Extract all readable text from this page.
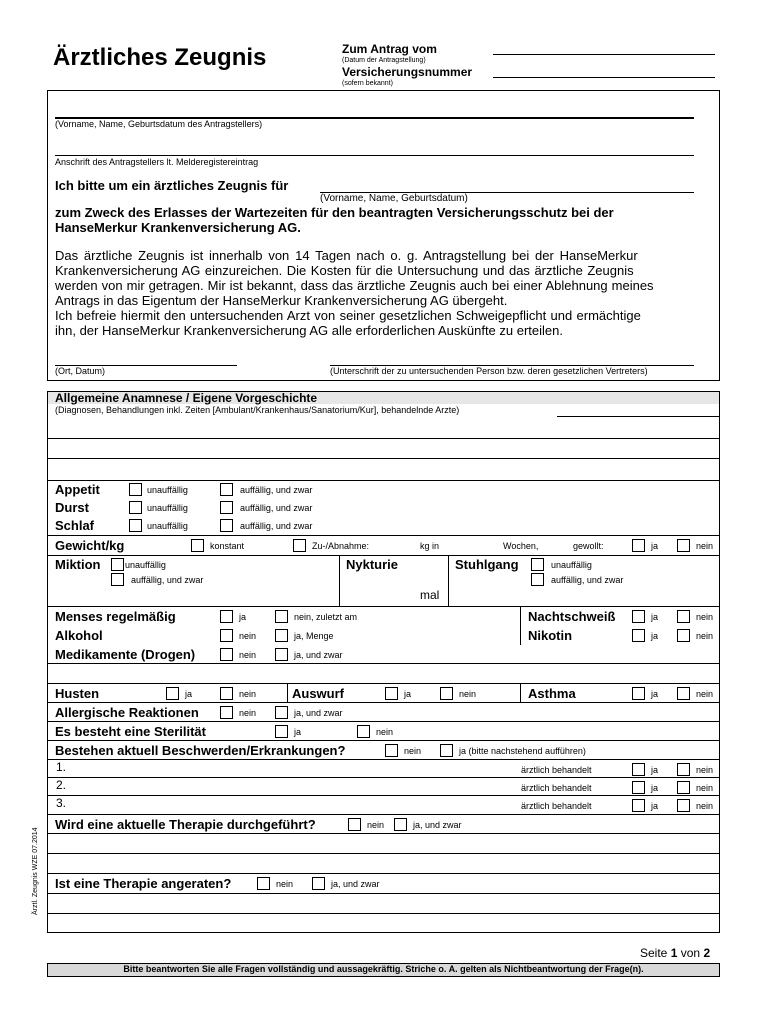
Ärztliches Zeugnis	Zum Antrag vom
(Datum der Antragstellung)
Versicherungsnummer
(sofern bekannt)
(Vorname, Name, Geburtsdatum des Antragstellers)
Anschrift des Antragstellers lt. Melderegistereintrag
Ich bitte um ein ärztliches Zeugnis für
(Vorname, Name, Geburtsdatum)
zum Zweck des Erlasses der Wartezeiten für den beantragten Versicherungsschutz bei der
HanseMerkur Krankenversicherung AG.
Das ärztliche Zeugnis ist innerhalb von 14 Tagen nach o. g. Antragstellung bei der HanseMerkur
Krankenversicherung AG einzureichen. Die Kosten für die Untersuchung und das ärztliche Zeugnis
werden von mir getragen. Mir ist bekannt, dass das ärztliche Zeugnis auch bei einer Ablehnung meines
Antrags in das Eigentum der HanseMerkur Krankenversicherung AG übergeht.
Ich befreie hiermit den untersuchenden Arzt von seiner gesetzlichen Schweigepflicht und ermächtige
ihn, der HanseMerkur Krankenversicherung AG alle erforderlichen Auskünfte zu erteilen.
(Ort, Datum)	(Unterschrift der zu untersuchenden Person bzw. deren gesetzlichen Vertreters)
Allgemeine Anamnese / Eigene Vorgeschichte
(Diagnosen, Behandlungen inkl. Zeiten [Ambulant/Krankenhaus/Sanatorium/Kur], behandelnde Arzte)
Appetit	unauffällig	auffällig, und zwar
Durst	unauffällig	auffällig, und zwar
Schlaf	unauffällig	auffällig, und zwar
Gewicht/kg	konstant	Zu-/Abnahme:	kg in	Wochen,	gewollt:	ja	nein
Miktion	unauffällig
auffällig, und zwar
Nykturie
mal
Stuhlgang	unauffällig
auffällig, und zwar
Menses regelmäßig	ja	nein, zuletzt am	Nachtschweiß	ja	nein
Alkohol	nein	ja, Menge	Nikotin	ja	nein
Medikamente (Drogen)	nein	ja, und zwar
Husten	ja	nein	Auswurf	ja	nein	Asthma	ja	nein
Allergische Reaktionen	nein	ja, und zwar
Es besteht eine Sterilität	ja	nein
Bestehen aktuell Beschwerden/Erkrankungen?	nein	ja (bitte nachstehend aufführen)
1.	ärztlich behandelt	ja	nein
2.	ärztlich behandelt	ja	nein
3.	ärztlich behandelt	ja	nein
Wird eine aktuelle Therapie durchgeführt?	nein	ja, und zwar
Ist eine Therapie angeraten?	nein	ja, und zwar
Seite 1 von 2
Bitte beantworten Sie alle Fragen vollständig und aussagekräftig. Striche o. A. gelten als Nichtbeantwortung der Frage(n).
Ärztl. Zeugnis WZE 07.2014
